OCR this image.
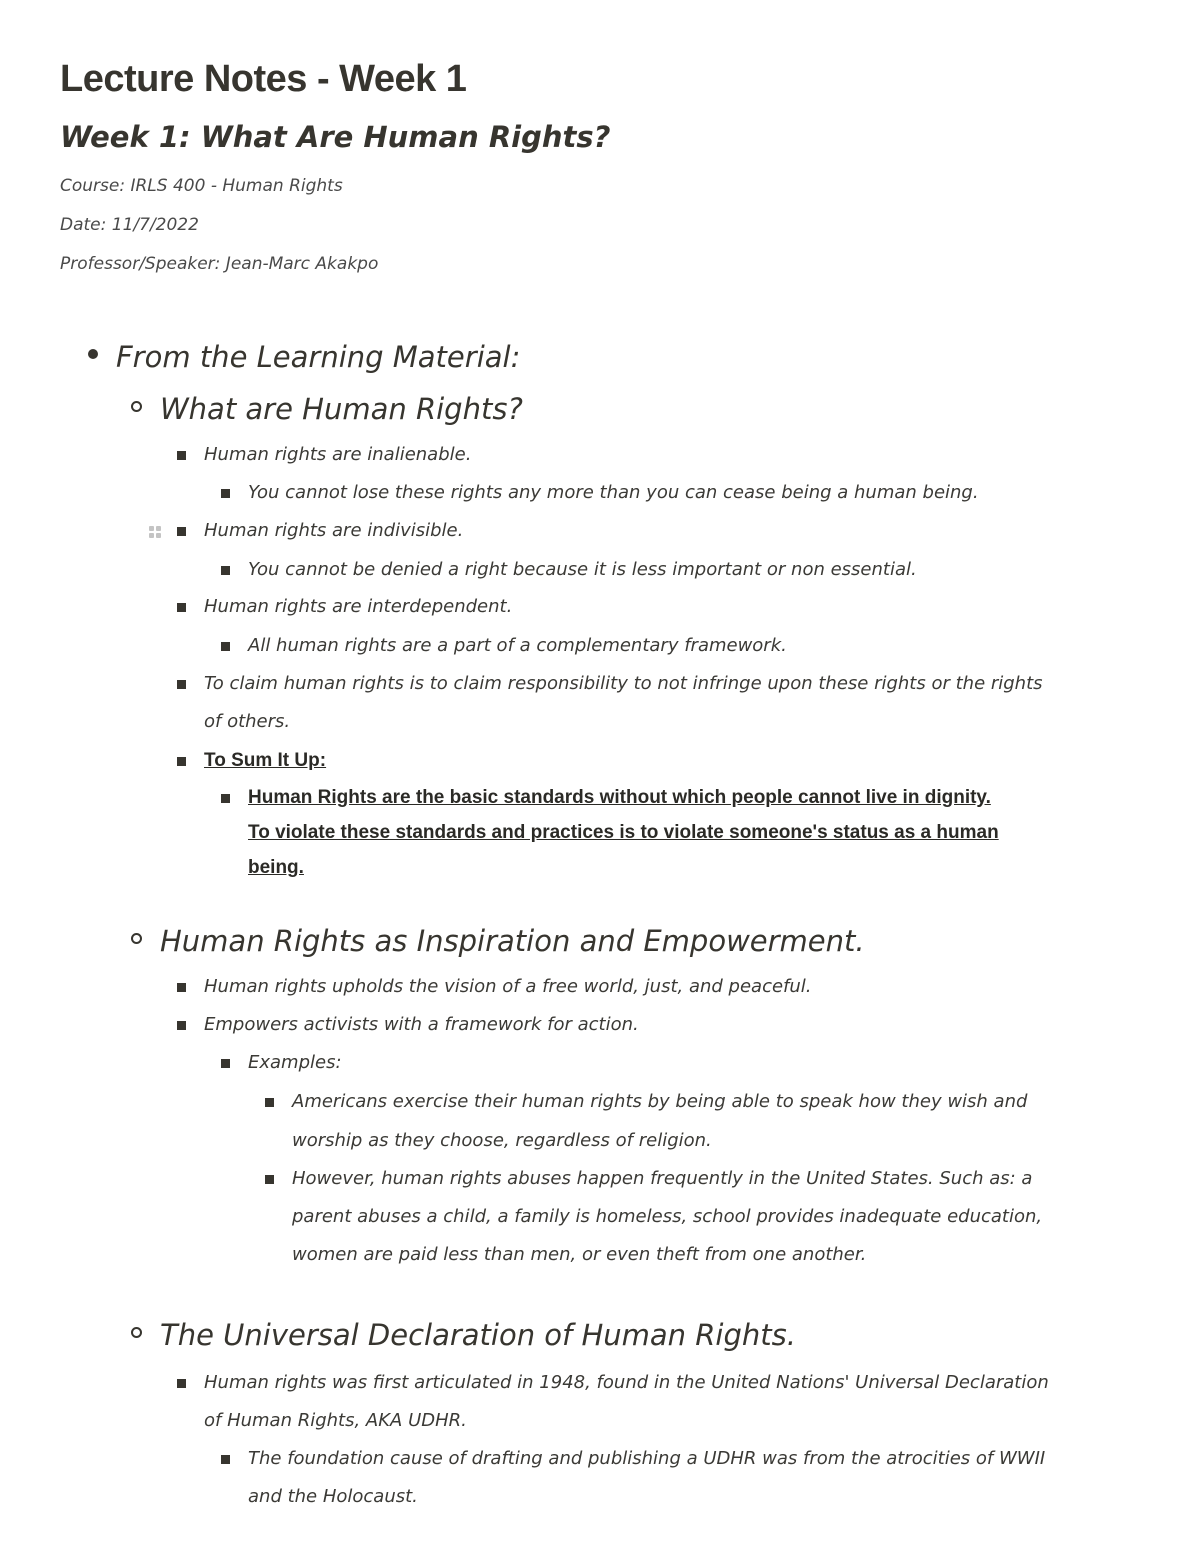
Lecture Notes - Week 1
Week 1: What Are Human Rights?

Course: IRLS 400 - Human Rights

Date: 11/7/2022

Professor/Speaker: Jean-Marc Akakpo

From the Learning Material:

What are Human Rights?

Human rights are inalienable.

You cannot lose these rights any more than you can cease being a human being.

Human rights are indivisible.

You cannot be denied a right because it is less important or non essential.

Human rights are interdependent.

All human rights are a part of a complementary framework.

To claim human rights is to claim responsibility to not infringe upon these rights or the rights

of others.

To Sum It Up:

Human Rights are the basic standards without which people cannot live in dignity.

To violate these standards and practices is to violate someone's status as a human

being.

Human Rights as Inspiration and Empowerment.

Human rights upholds the vision of a free world, just, and peaceful.

Empowers activists with a framework for action.

Examples:

Americans exercise their human rights by being able to speak how they wish and

worship as they choose, regardless of religion.

However, human rights abuses happen frequently in the United States. Such as: a

parent abuses a child, a family is homeless, school provides inadequate education,

women are paid less than men, or even theft from one another.

The Universal Declaration of Human Rights.

Human rights was first articulated in 1948, found in the United Nations' Universal Declaration

of Human Rights, AKA UDHR.

The foundation cause of drafting and publishing a UDHR was from the atrocities of WWII

and the Holocaust.
